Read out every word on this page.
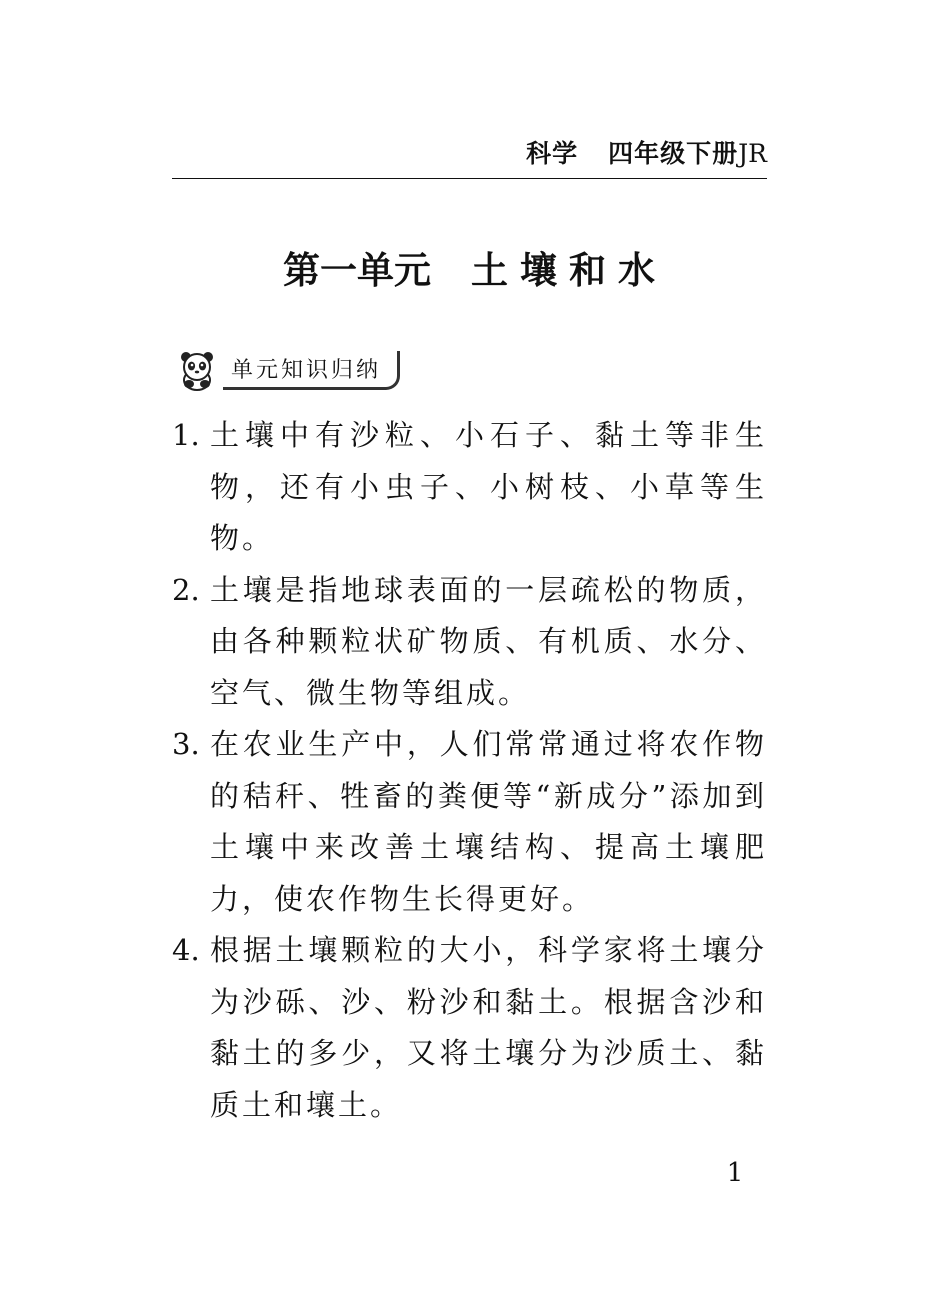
科学 四年级下册JR
第一单元 土壤和水
单元知识归纳
1. 土壤中有沙粒、小石子、黏土等非生物，还有小虫子、小树枝、小草等生物。
2. 土壤是指地球表面的一层疏松的物质，由各种颗粒状矿物质、有机质、水分、空气、微生物等组成。
3. 在农业生产中，人们常常通过将农作物的秸秆、牲畜的粪便等“新成分”添加到土壤中来改善土壤结构、提高土壤肥力，使农作物生长得更好。
4. 根据土壤颗粒的大小，科学家将土壤分为沙砾、沙、粉沙和黏土。根据含沙和黏土的多少，又将土壤分为沙质土、黏质土和壤土。
1
